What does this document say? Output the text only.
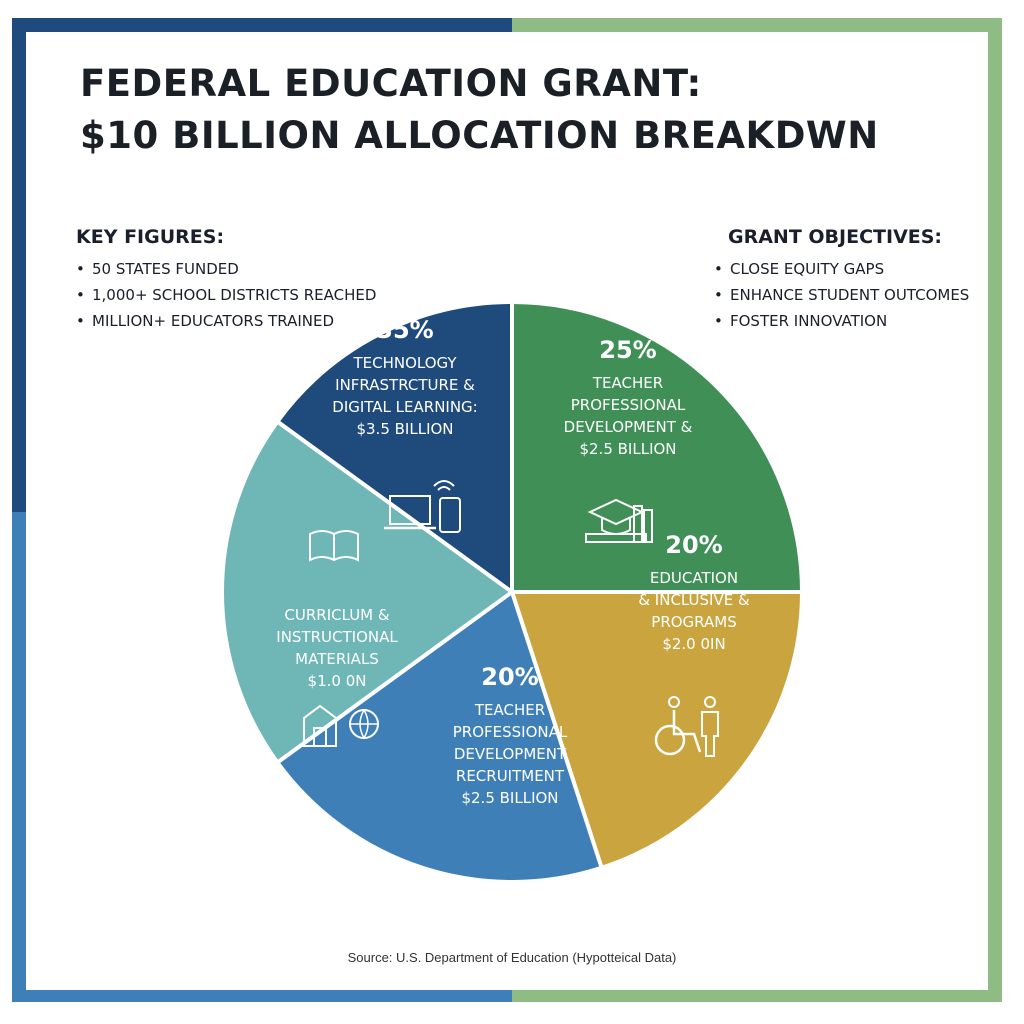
FEDERAL EDUCATION GRANT:
$10 BILLION ALLOCATION BREAKDWN
KEY FIGURES:
• 50 STATES FUNDED
• 1,000+ SCHOOL DISTRICTS REACHED
• MILLION+ EDUCATORS TRAINED
GRANT OBJECTIVES:
• CLOSE EQUITY GAPS
• ENHANCE STUDENT OUTCOMES
• FOSTER INNOVATION
25%
TEACHER
PROFESSIONAL
DEVELOPMENT &
$2.5 BILLION
20%
EDUCATION
& INCLUSIVE &
PROGRAMS
$2.0 0IN
20%
TEACHER
PROFESSIONAL
DEVELOPMENT
RECRUITMENT
$2.5 BILLION
CURRICLUM &
INSTRUCTIONAL
MATERIALS
$1.0 0N
35%
TECHNOLOGY
INFRASTRCTURE &
DIGITAL LEARNING:
$3.5 BILLION
Source: U.S. Department of Education (Hypotteical Data)
